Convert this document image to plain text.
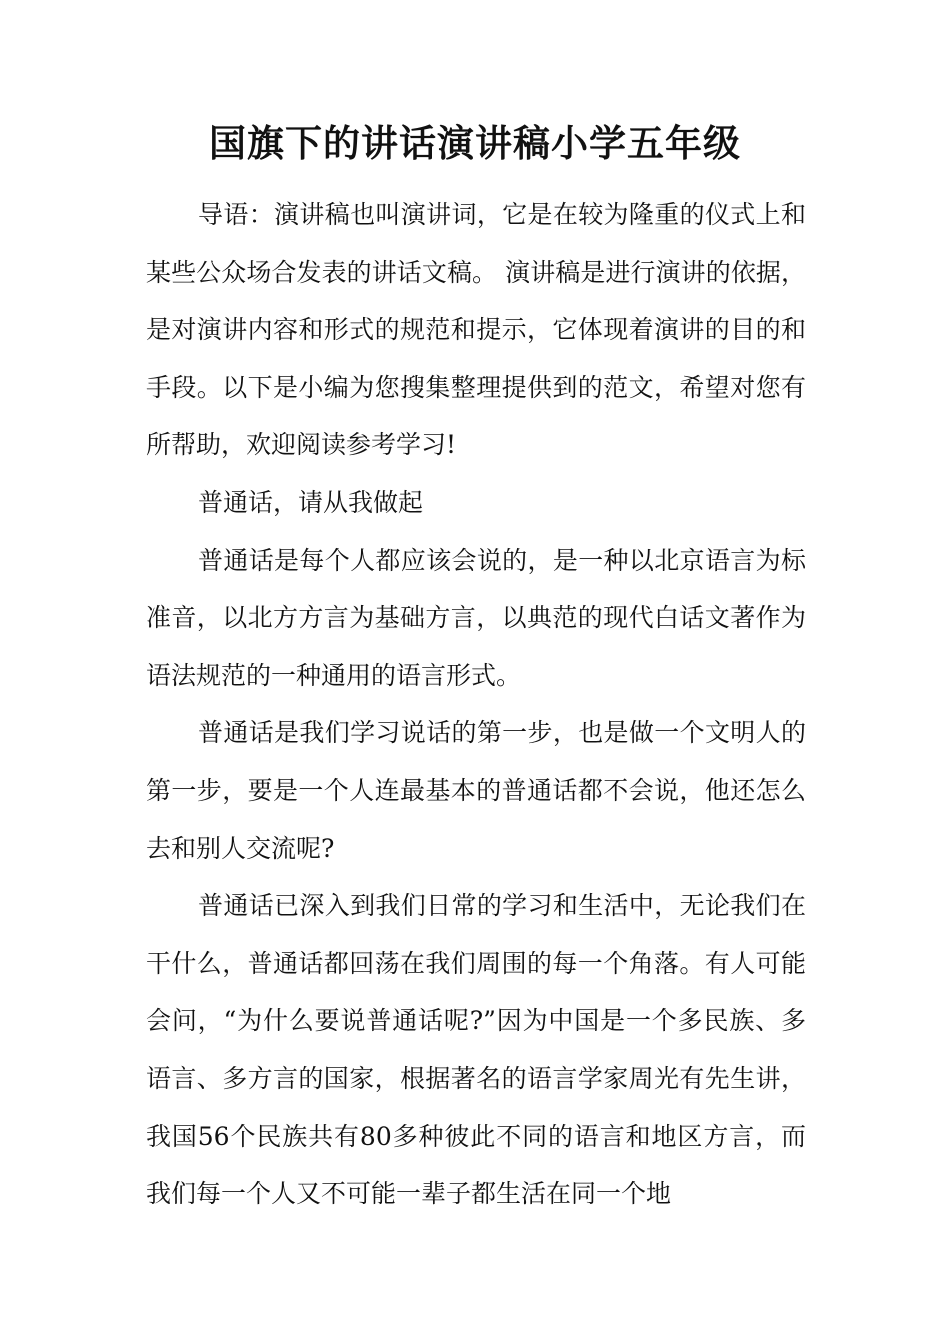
国旗下的讲话演讲稿小学五年级

导语：演讲稿也叫演讲词，它是在较为隆重的仪式上和某些公众场合发表的讲话文稿。 演讲稿是进行演讲的依据，是对演讲内容和形式的规范和提示，它体现着演讲的目的和手段。以下是小编为您搜集整理提供到的范文，希望对您有所帮助，欢迎阅读参考学习!

普通话，请从我做起

普通话是每个人都应该会说的，是一种以北京语言为标准音，以北方方言为基础方言，以典范的现代白话文著作为语法规范的一种通用的语言形式。

普通话是我们学习说话的第一步，也是做一个文明人的第一步，要是一个人连最基本的普通话都不会说，他还怎么去和别人交流呢?

普通话已深入到我们日常的学习和生活中，无论我们在干什么，普通话都回荡在我们周围的每一个角落。有人可能会问，“为什么要说普通话呢?”因为中国是一个多民族、多语言、多方言的国家，根据著名的语言学家周光有先生讲，我国56个民族共有80多种彼此不同的语言和地区方言，而我们每一个人又不可能一辈子都生活在同一个地
